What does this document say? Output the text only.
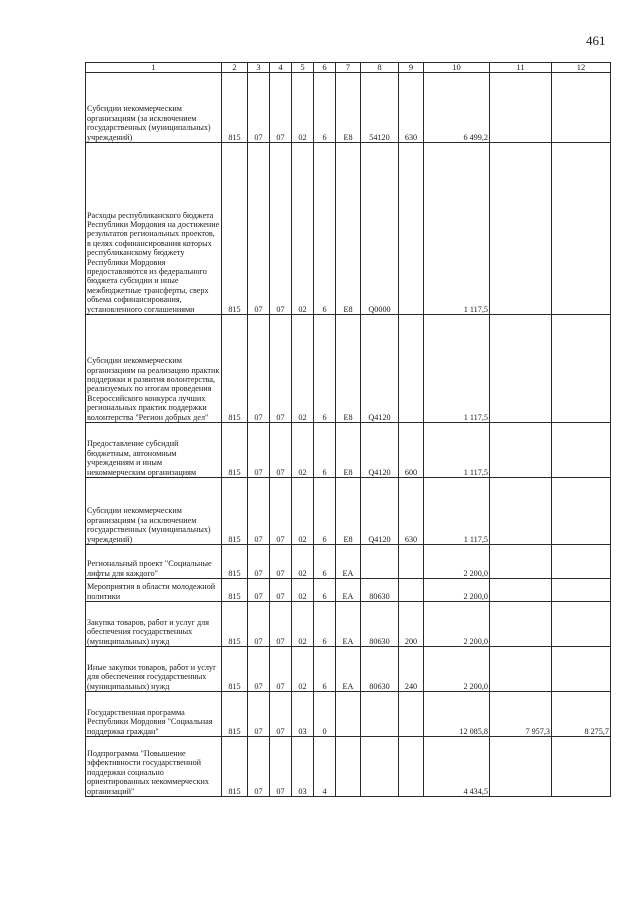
461
1	2	3	4	5	6	7	8	9	10	11	12
Субсидии некоммерческим организациям (за исключением государственных (муниципальных) учреждений)	815	07	07	02	6	E8	54120	630	6 499,2		
Расходы республиканского бюджета Республики Мордовия на достижение результатов региональных проектов, в целях софинансирования которых республиканскому бюджету Республики Мордовия предоставляются из федерального бюджета субсидии и иные межбюджетные трансферты, сверх объема софинансирования, установленного соглашениями	815	07	07	02	6	E8	Q0000		1 117,5		
Субсидии некоммерческим организациям на реализацию практик поддержки и развития волонтерства, реализуемых по итогам проведения Всероссийского конкурса лучших региональных практик поддержки волонтерства "Регион добрых дел"	815	07	07	02	6	E8	Q4120		1 117,5		
Предоставление субсидий бюджетным, автономным учреждениям и иным некоммерческим организациям	815	07	07	02	6	E8	Q4120	600	1 117,5		
Субсидии некоммерческим организациям (за исключением государственных (муниципальных) учреждений)	815	07	07	02	6	E8	Q4120	630	1 117,5		
Региональный проект "Социальные лифты для каждого"	815	07	07	02	6	EA			2 200,0		
Мероприятия в области молодежной политики	815	07	07	02	6	EA	80630		2 200,0		
Закупка товаров, работ и услуг для обеспечения государственных (муниципальных) нужд	815	07	07	02	6	EA	80630	200	2 200,0		
Иные закупки товаров, работ и услуг для обеспечения государственных (муниципальных) нужд	815	07	07	02	6	EA	80630	240	2 200,0		
Государственная программа Республики Мордовия "Социальная поддержка граждан"	815	07	07	03	0				12 085,8	7 957,3	8 275,7
Подпрограмма "Повышение эффективности государственной поддержки социально ориентированных некоммерческих организаций"	815	07	07	03	4				4 434,5		
